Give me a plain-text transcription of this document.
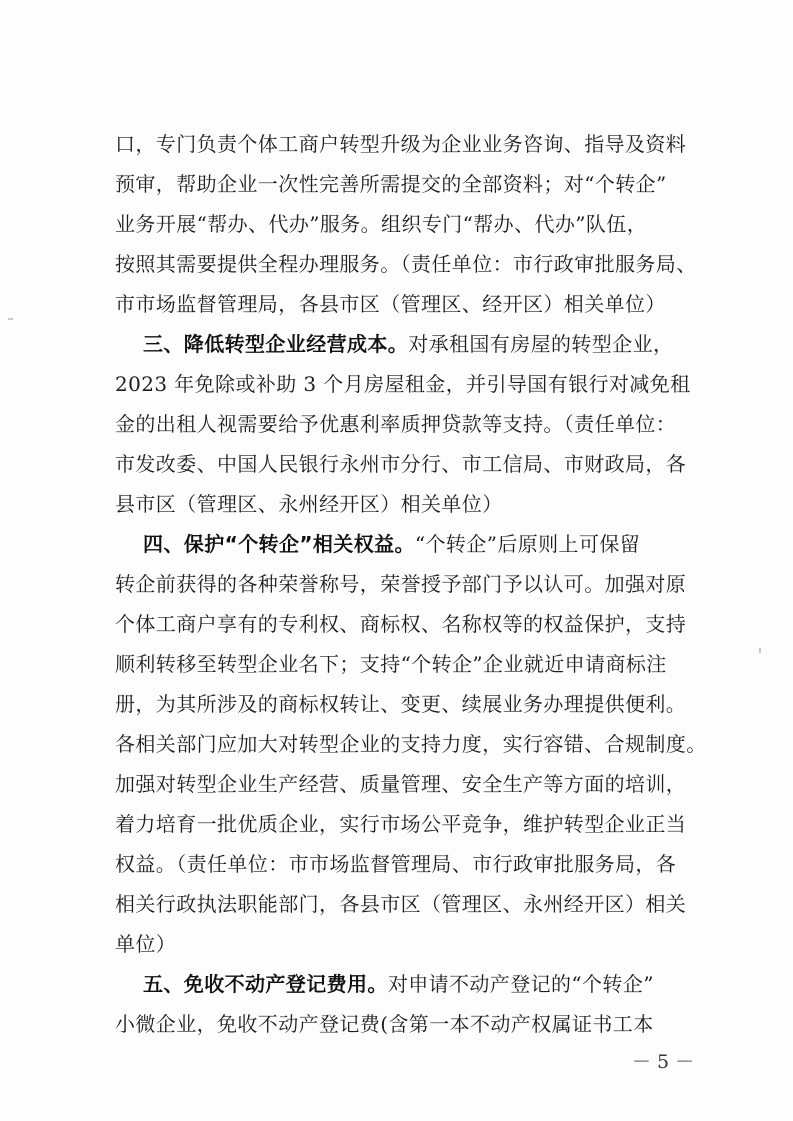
口，专门负责个体工商户转型升级为企业业务咨询、指导及资料
预审，帮助企业一次性完善所需提交的全部资料；对“个转企”
业务开展“帮办、代办”服务。组织专门“帮办、代办”队伍，
按照其需要提供全程办理服务。（责任单位：市行政审批服务局、
市市场监督管理局，各县市区（管理区、经开区）相关单位）
三、降低转型企业经营成本。对承租国有房屋的转型企业，
2023 年免除或补助 3 个月房屋租金，并引导国有银行对减免租
金的出租人视需要给予优惠利率质押贷款等支持。（责任单位：
市发改委、中国人民银行永州市分行、市工信局、市财政局，各
县市区（管理区、永州经开区）相关单位）
四、保护“个转企”相关权益。“个转企”后原则上可保留
转企前获得的各种荣誉称号，荣誉授予部门予以认可。加强对原
个体工商户享有的专利权、商标权、名称权等的权益保护，支持
顺利转移至转型企业名下；支持“个转企”企业就近申请商标注
册，为其所涉及的商标权转让、变更、续展业务办理提供便利。
各相关部门应加大对转型企业的支持力度，实行容错、合规制度。
加强对转型企业生产经营、质量管理、安全生产等方面的培训，
着力培育一批优质企业，实行市场公平竞争，维护转型企业正当
权益。（责任单位：市市场监督管理局、市行政审批服务局，各
相关行政执法职能部门，各县市区（管理区、永州经开区）相关
单位）
五、免收不动产登记费用。对申请不动产登记的“个转企”
小微企业，免收不动产登记费(含第一本不动产权属证书工本
－ 5 －
